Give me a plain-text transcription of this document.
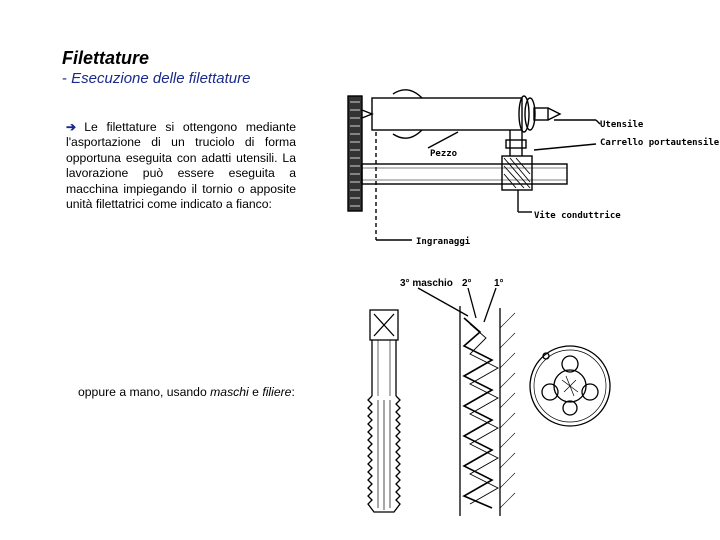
Filettature
- Esecuzione delle filettature
➔ Le filettature si ottengono mediante l'asportazione di un truciolo di forma opportuna eseguita con adatti utensili. La lavorazione può essere eseguita a macchina impiegando il tornio o apposite unità filettatrici come indicato a fianco:
oppure a mano, usando maschi e filiere:
Utensile
Carrello portautensile
Pezzo
Vite conduttrice
Ingranaggi
3° maschio 2° 1°
